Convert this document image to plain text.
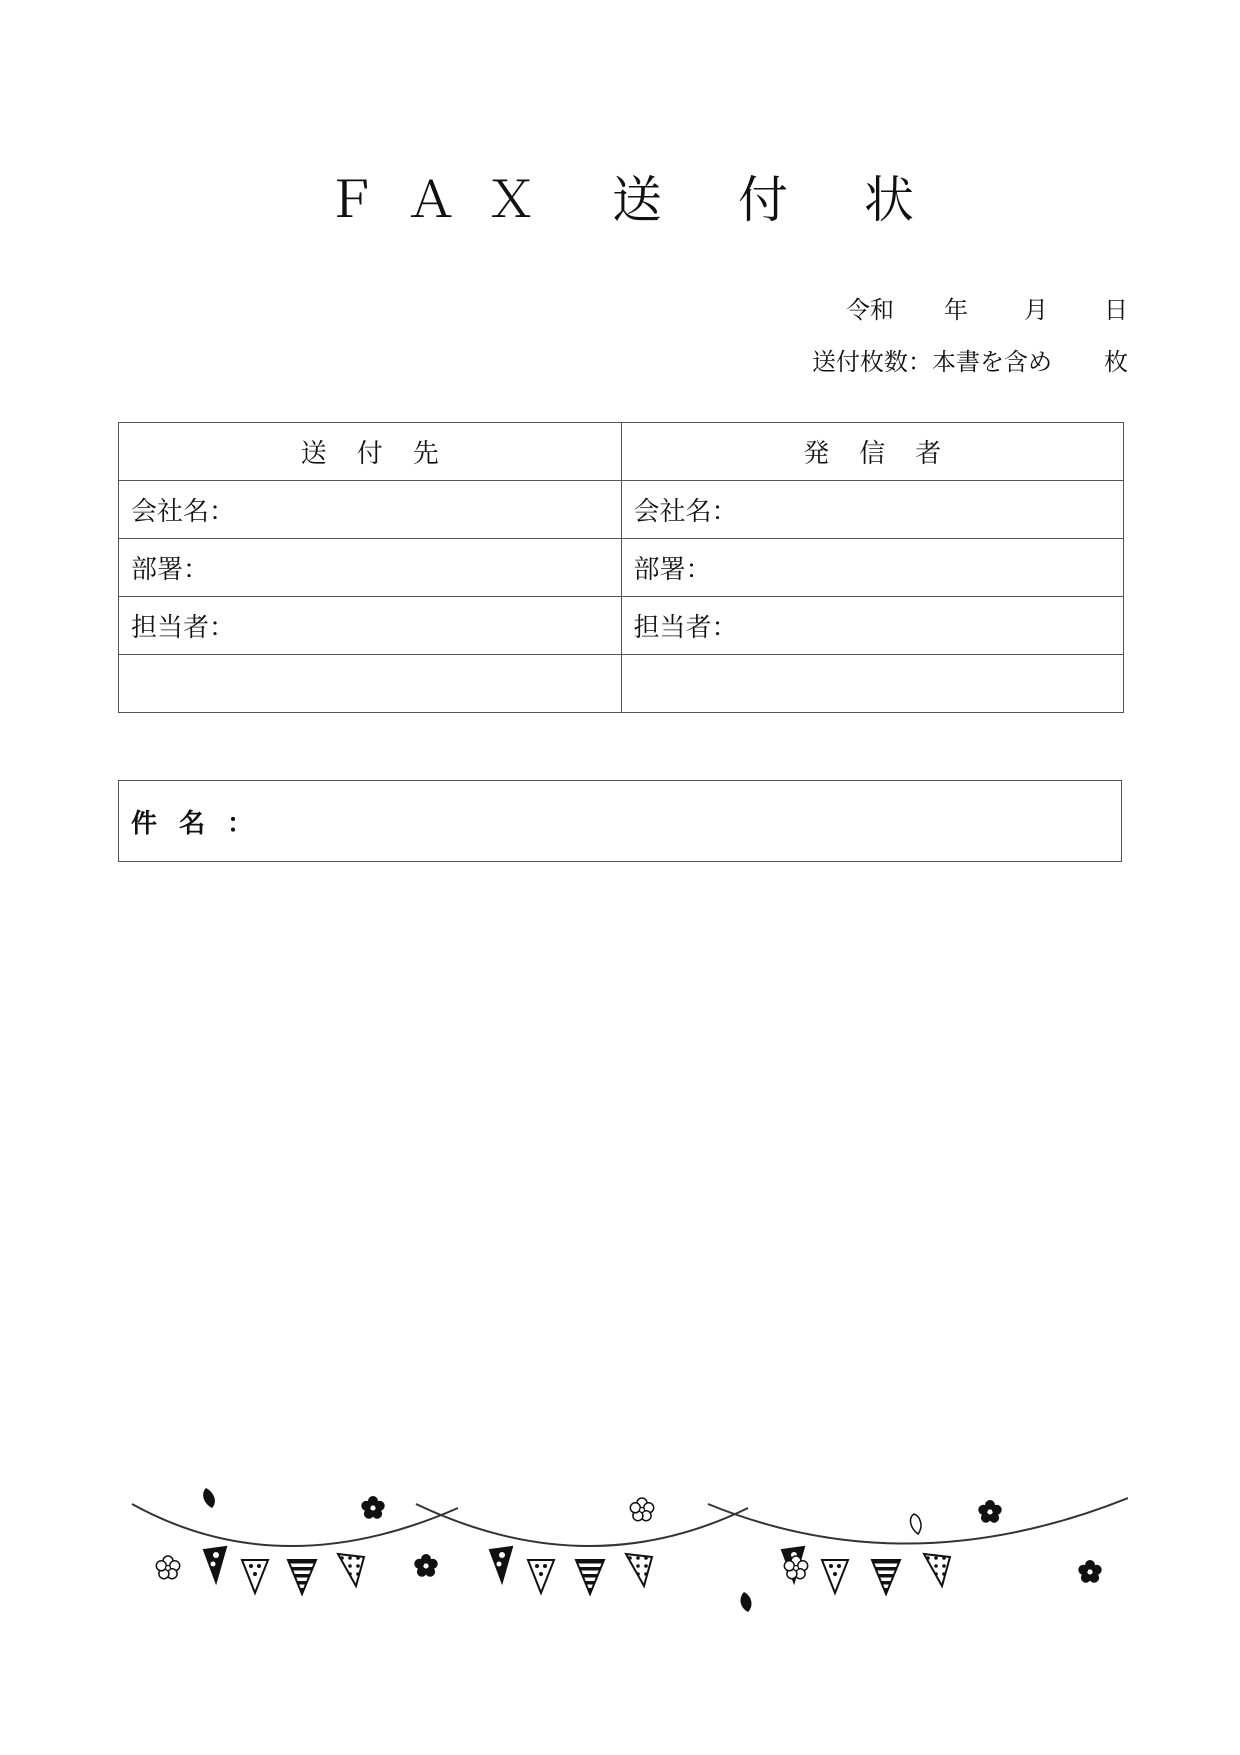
ＦＡＸ 送 付 状
令和 年 月 日
送付枚数：本書を含め 枚
送付先	発信者
会社名：	会社名：
部署：	部署：
担当者：	担当者：

件名：
